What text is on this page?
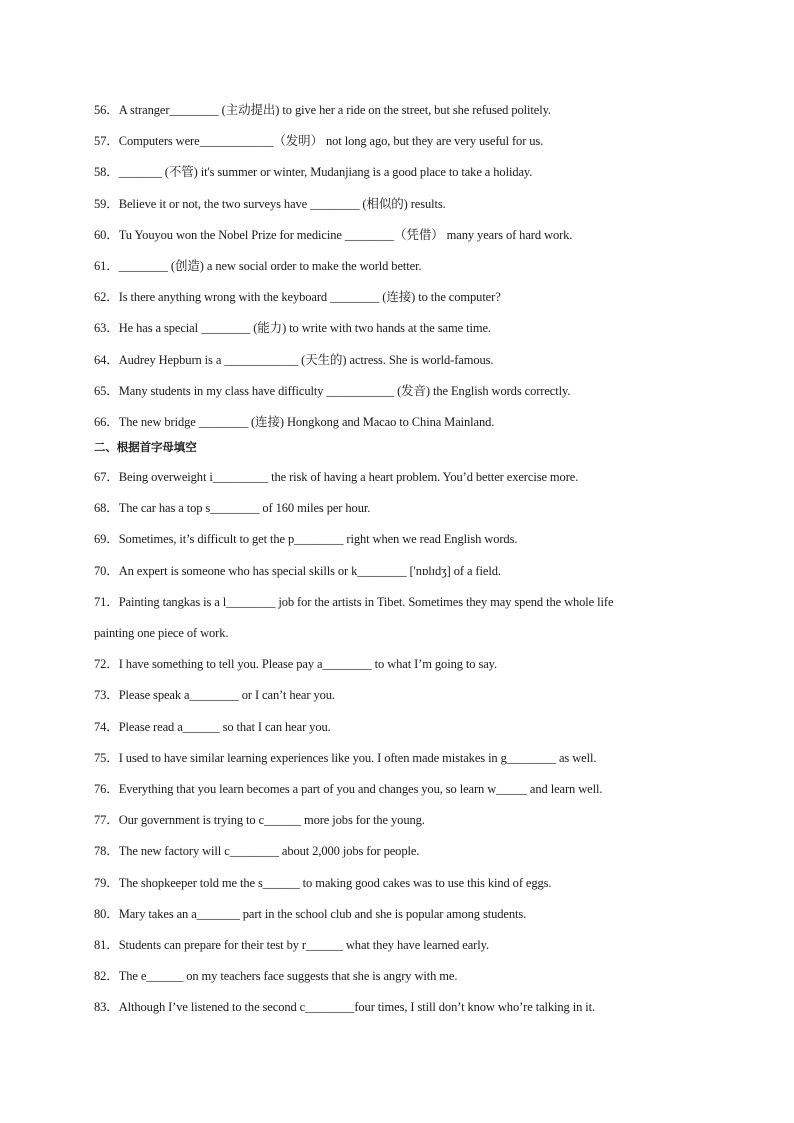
56．A stranger________ (主动提出) to give her a ride on the street, but she refused politely.
57．Computers were____________（发明） not long ago, but they are very useful for us.
58．_______ (不管) it's summer or winter, Mudanjiang is a good place to take a holiday.
59．Believe it or not, the two surveys have ________ (相似的) results.
60．Tu Youyou won the Nobel Prize for medicine ________（凭借） many years of hard work.
61．________ (创造) a new social order to make the world better.
62．Is there anything wrong with the keyboard ________ (连接) to the computer?
63．He has a special ________ (能力) to write with two hands at the same time.
64．Audrey Hepburn is a ____________ (天生的) actress. She is world-famous.
65．Many students in my class have difficulty ___________ (发音) the English words correctly.
66．The new bridge ________ (连接) Hongkong and Macao to China Mainland.
二、根据首字母填空
67．Being overweight i_________ the risk of having a heart problem. You’d better exercise more.
68．The car has a top s________ of 160 miles per hour.
69．Sometimes, it’s difficult to get the p________ right when we read English words.
70．An expert is someone who has special skills or k________ ['nɒlɪdʒ] of a field.
71．Painting tangkas is a l________ job for the artists in Tibet. Sometimes they may spend the whole life
painting one piece of work.
72．I have something to tell you. Please pay a________ to what I’m going to say.
73．Please speak a________ or I can’t hear you.
74．Please read a______ so that I can hear you.
75．I used to have similar learning experiences like you. I often made mistakes in g________ as well.
76．Everything that you learn becomes a part of you and changes you, so learn w_____ and learn well.
77．Our government is trying to c______ more jobs for the young.
78．The new factory will c________ about 2,000 jobs for people.
79．The shopkeeper told me the s______ to making good cakes was to use this kind of eggs.
80．Mary takes an a_______ part in the school club and she is popular among students.
81．Students can prepare for their test by r______ what they have learned early.
82．The e______ on my teachers face suggests that she is angry with me.
83．Although I’ve listened to the second c________four times, I still don’t know who’re talking in it.
